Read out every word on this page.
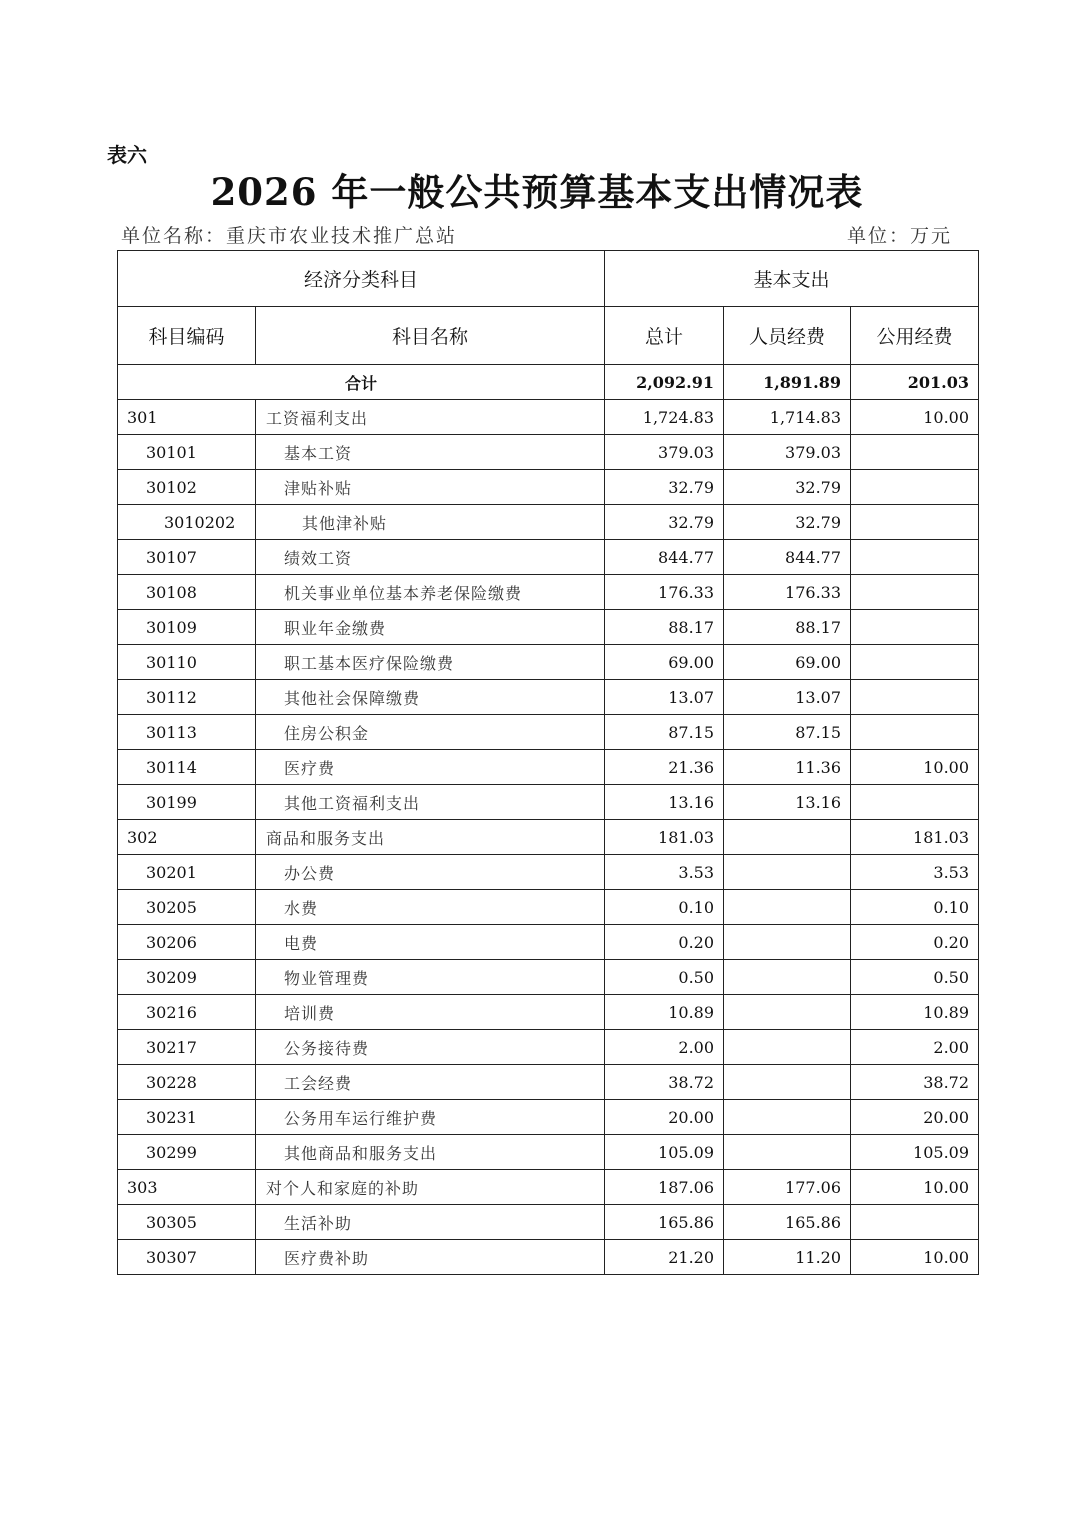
表六
2026 年一般公共预算基本支出情况表
单位名称：重庆市农业技术推广总站	单位：万元
经济分类科目		基本支出		
科目编码	科目名称	总计	人员经费	公用经费
合计		2,092.91	1,891.89	201.03
301	工资福利支出	1,724.83	1,714.83	10.00
30101	基本工资	379.03	379.03	
30102	津贴补贴	32.79	32.79	
3010202	其他津补贴	32.79	32.79	
30107	绩效工资	844.77	844.77	
30108	机关事业单位基本养老保险缴费	176.33	176.33	
30109	职业年金缴费	88.17	88.17	
30110	职工基本医疗保险缴费	69.00	69.00	
30112	其他社会保障缴费	13.07	13.07	
30113	住房公积金	87.15	87.15	
30114	医疗费	21.36	11.36	10.00
30199	其他工资福利支出	13.16	13.16	
302	商品和服务支出	181.03		181.03
30201	办公费	3.53		3.53
30205	水费	0.10		0.10
30206	电费	0.20		0.20
30209	物业管理费	0.50		0.50
30216	培训费	10.89		10.89
30217	公务接待费	2.00		2.00
30228	工会经费	38.72		38.72
30231	公务用车运行维护费	20.00		20.00
30299	其他商品和服务支出	105.09		105.09
303	对个人和家庭的补助	187.06	177.06	10.00
30305	生活补助	165.86	165.86	
30307	医疗费补助	21.20	11.20	10.00
